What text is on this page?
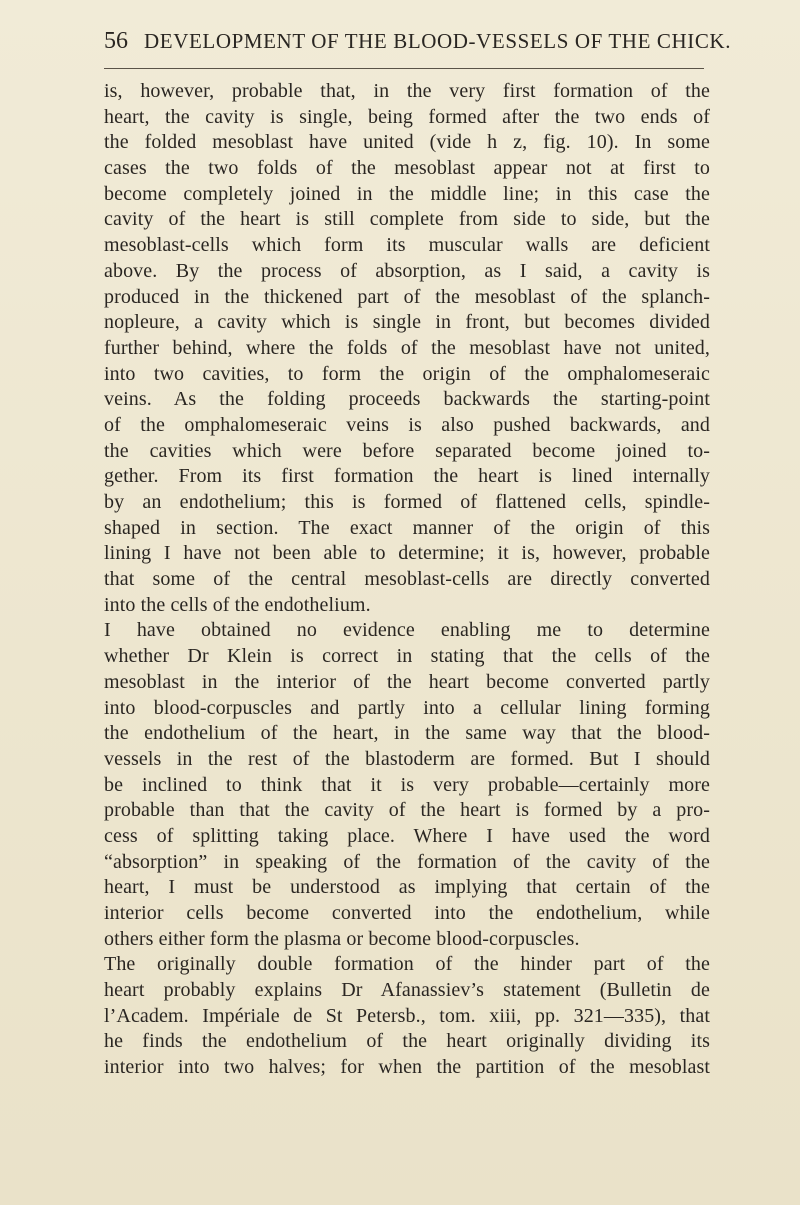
56 DEVELOPMENT OF THE BLOOD-VESSELS OF THE CHICK.
is, however, probable that, in the very first formation of the
heart, the cavity is single, being formed after the two ends of
the folded mesoblast have united (vide h z, fig. 10). In some
cases the two folds of the mesoblast appear not at first to
become completely joined in the middle line; in this case the
cavity of the heart is still complete from side to side, but the
mesoblast-cells which form its muscular walls are deficient
above. By the process of absorption, as I said, a cavity is
produced in the thickened part of the mesoblast of the splanch-
nopleure, a cavity which is single in front, but becomes divided
further behind, where the folds of the mesoblast have not united,
into two cavities, to form the origin of the omphalomeseraic
veins. As the folding proceeds backwards the starting-point
of the omphalomeseraic veins is also pushed backwards, and
the cavities which were before separated become joined to-
gether. From its first formation the heart is lined internally
by an endothelium; this is formed of flattened cells, spindle-
shaped in section. The exact manner of the origin of this
lining I have not been able to determine; it is, however, probable
that some of the central mesoblast-cells are directly converted
into the cells of the endothelium.
I have obtained no evidence enabling me to determine
whether Dr Klein is correct in stating that the cells of the
mesoblast in the interior of the heart become converted partly
into blood-corpuscles and partly into a cellular lining forming
the endothelium of the heart, in the same way that the blood-
vessels in the rest of the blastoderm are formed. But I should
be inclined to think that it is very probable—certainly more
probable than that the cavity of the heart is formed by a pro-
cess of splitting taking place. Where I have used the word
“absorption” in speaking of the formation of the cavity of the
heart, I must be understood as implying that certain of the
interior cells become converted into the endothelium, while
others either form the plasma or become blood-corpuscles.
The originally double formation of the hinder part of the
heart probably explains Dr Afanassiev’s statement (Bulletin de
l’Academ. Impériale de St Petersb., tom. xiii, pp. 321—335), that
he finds the endothelium of the heart originally dividing its
interior into two halves; for when the partition of the mesoblast
